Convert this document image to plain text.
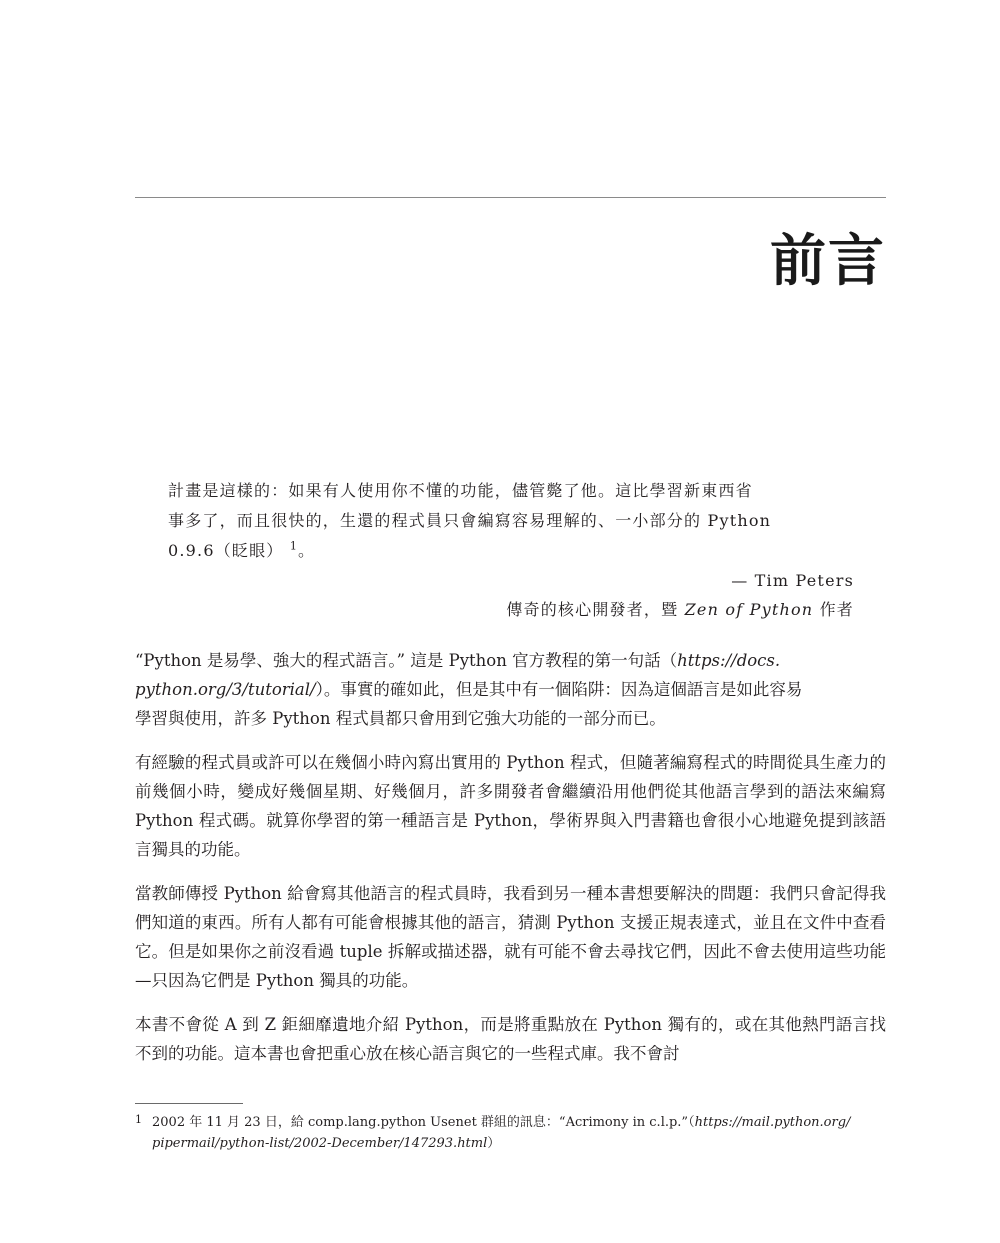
前言

計畫是這樣的：如果有人使用你不懂的功能，儘管斃了他。這比學習新東西省

事多了，而且很快的，生還的程式員只會編寫容易理解的、一小部分的 Python

0.9.6（眨眼） $^1$。

— Tim Peters
傳奇的核心開發者，暨 Zen of Python 作者

“Python 是易學、強大的程式語言。” 這是 Python 官方教程的第一句話（https://docs.
python.org/3/tutorial/）。事實的確如此，但是其中有一個陷阱：因為這個語言是如此容易
學習與使用，許多 Python 程式員都只會用到它強大功能的一部分而已。

有經驗的程式員或許可以在幾個小時內寫出實用的 Python 程式，但隨著編寫程式的時間從具生產力的前幾個小時，變成好幾個星期、好幾個月，許多開發者會繼續沿用他們從其他語言學到的語法來編寫 Python 程式碼。就算你學習的第一種語言是 Python，學術界與入門書籍也會很小心地避免提到該語言獨具的功能。

當教師傳授 Python 給會寫其他語言的程式員時，我看到另一種本書想要解決的問題：我們只會記得我們知道的東西。所有人都有可能會根據其他的語言，猜測 Python 支援正規表達式，並且在文件中查看它。但是如果你之前沒看過 tuple 拆解或描述器，就有可能不會去尋找它們，因此不會去使用這些功能—只因為它們是 Python 獨具的功能。

本書不會從 A 到 Z 鉅細靡遺地介紹 Python，而是將重點放在 Python 獨有的，或在其他熱門語言找不到的功能。這本書也會把重心放在核心語言與它的一些程式庫。我不會討

1 2002 年 11 月 23 日，給 comp.lang.python Usenet 群組的訊息：“Acrimony in c.l.p.”（https://mail.python.org/
pipermail/python-list/2002-December/147293.html）
